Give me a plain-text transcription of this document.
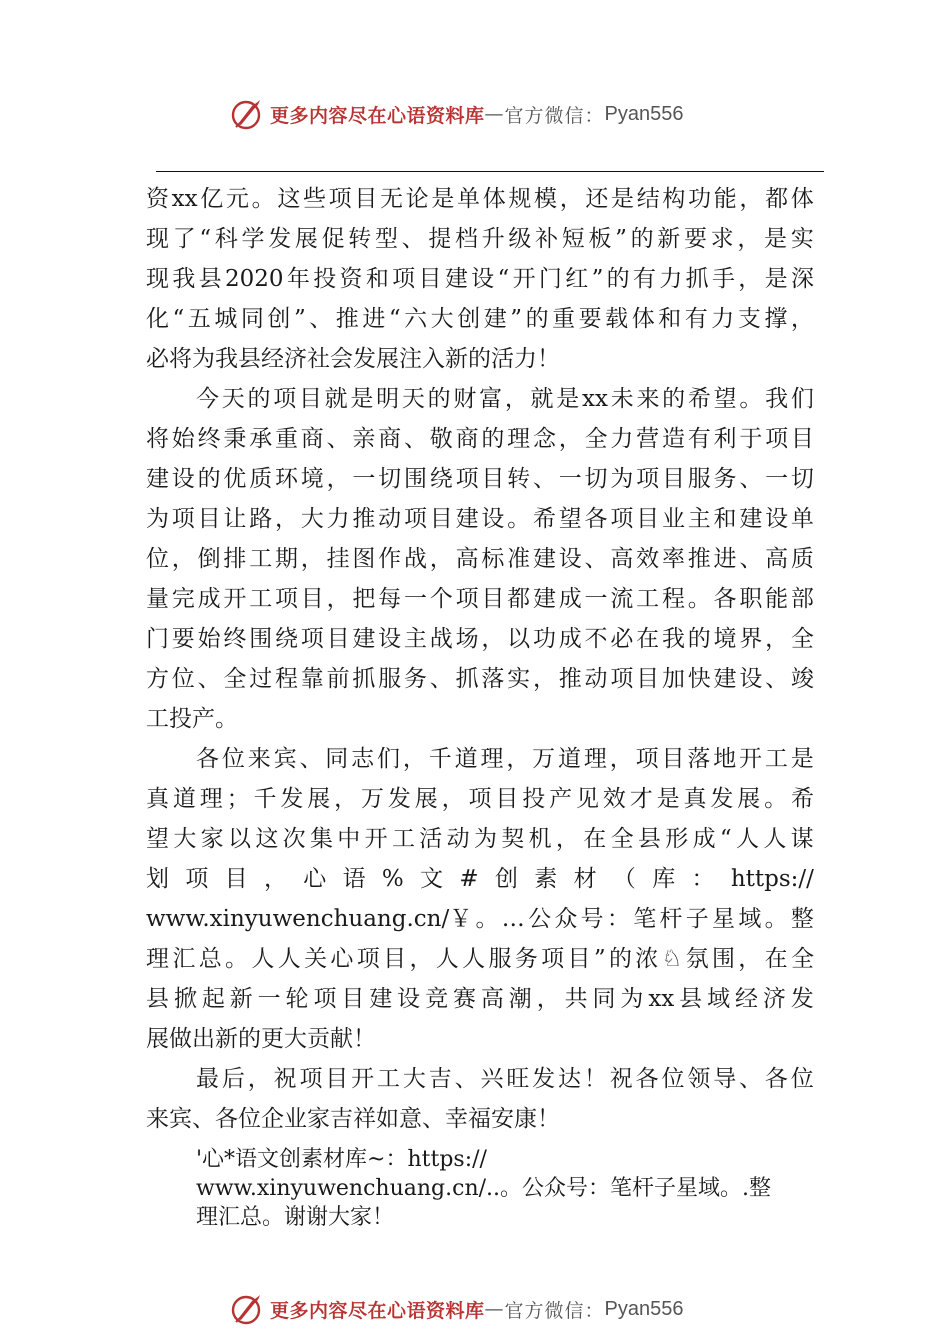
更多内容尽在心语资料库 — 官方微信： Pyan556
资 xx 亿 元 。 这 些 项 目 无 论 是 单 体 规 模 ， 还 是 结 构 功 能 ， 都 体
现 了 “ 科 学 发 展 促 转 型 、 提 档 升 级 补 短 板 ” 的 新 要 求 ， 是 实
现 我 县 2020 年 投 资 和 项 目 建 设 “ 开 门 红 ” 的 有 力 抓 手 ， 是 深
化 “ 五 城 同 创 ” 、 推 进 “ 六 大 创 建 ” 的 重 要 载 体 和 有 力 支 撑 ，
必将为我县经济社会发展注入新的活力！
今 天 的 项 目 就 是 明 天 的 财 富 ， 就 是 xx 未 来 的 希 望 。 我 们
将 始 终 秉 承 重 商 、 亲 商 、 敬 商 的 理 念 ， 全 力 营 造 有 利 于 项 目
建 设 的 优 质 环 境 ， 一 切 围 绕 项 目 转 、 一 切 为 项 目 服 务 、 一 切
为 项 目 让 路 ， 大 力 推 动 项 目 建 设 。 希 望 各 项 目 业 主 和 建 设 单
位 ， 倒 排 工 期 ， 挂 图 作 战 ， 高 标 准 建 设 、 高 效 率 推 进 、 高 质
量 完 成 开 工 项 目 ， 把 每 一 个 项 目 都 建 成 一 流 工 程 。 各 职 能 部
门 要 始 终 围 绕 项 目 建 设 主 战 场 ， 以 功 成 不 必 在 我 的 境 界 ， 全
方 位 、 全 过 程 靠 前 抓 服 务 、 抓 落 实 ， 推 动 项 目 加 快 建 设 、 竣
工投产。
各 位 来 宾 、 同 志 们 ， 千 道 理 ， 万 道 理 ， 项 目 落 地 开 工 是
真 道 理 ； 千 发 展 ， 万 发 展 ， 项 目 投 产 见 效 才 是 真 发 展 。 希
望 大 家 以 这 次 集 中 开 工 活 动 为 契 机 ， 在 全 县 形 成 “ 人 人 谋
划 项 目 ， 心 语 % 文 # 创 素 材 （ 库 ： https://
www.xinyuwenchuang.cn/￥ 。 … 公 众 号 ： 笔 杆 子 星 域 。 整
理 汇 总 。 人 人 关 心 项 目 ， 人 人 服 务 项 目 ” 的 浓 ♘ 氛 围 ， 在 全
县 掀 起 新 一 轮 项 目 建 设 竞 赛 高 潮 ， 共 同 为 xx 县 域 经 济 发
展做出新的更大贡献！
最 后 ， 祝 项 目 开 工 大 吉 、 兴 旺 发 达 ！ 祝 各 位 领 导 、 各 位
来宾、各位企业家吉祥如意、幸福安康！
'心*语文创素材库~：https://
www.xinyuwenchuang.cn/..。公众号：笔杆子星域。.整
理汇总。谢谢大家！
更多内容尽在心语资料库 — 官方微信： Pyan556
